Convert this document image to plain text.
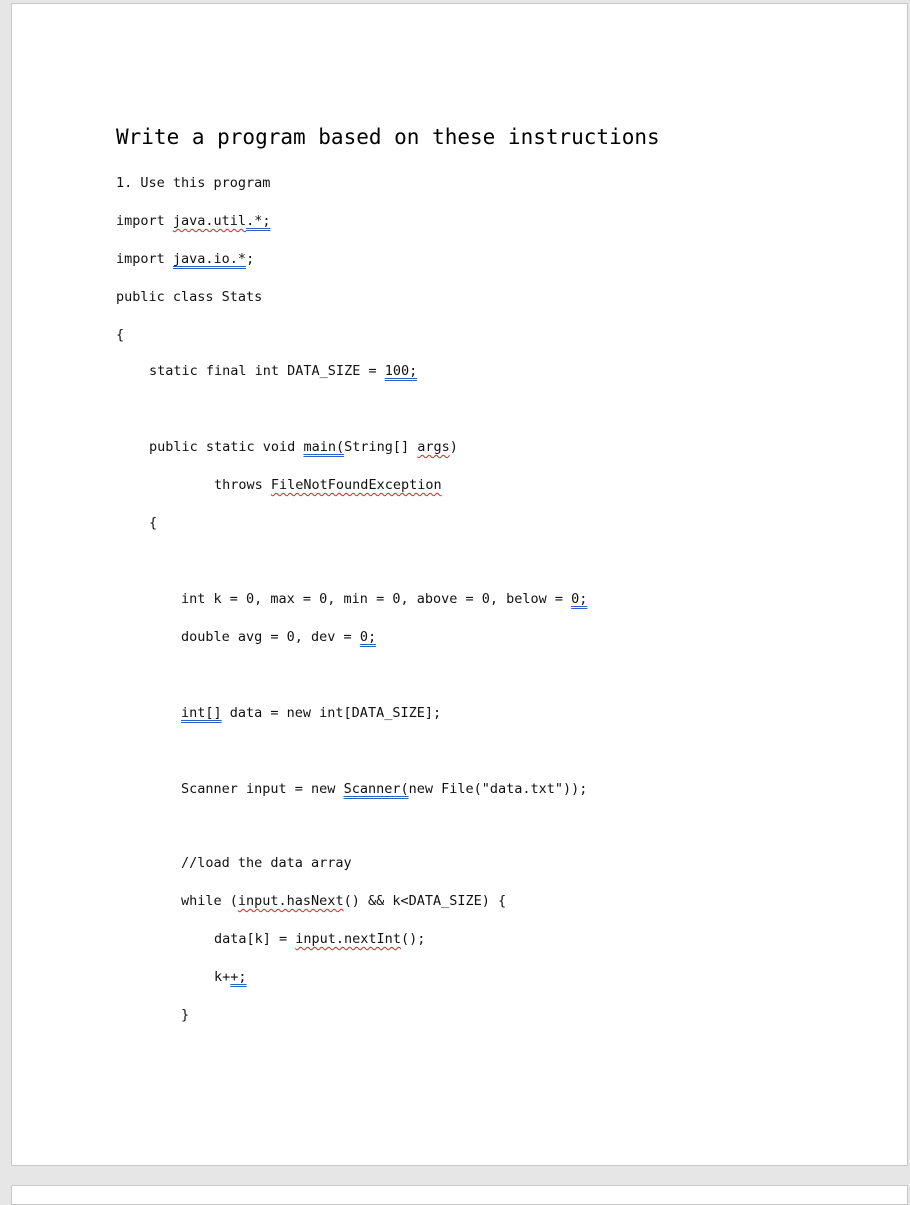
Write a program based on these instructions
1. Use this program
import java.util.*;
import java.io.*;
public class Stats
{
static final int DATA_SIZE = 100;
public static void main(String[] args)
throws FileNotFoundException
{
int k = 0, max = 0, min = 0, above = 0, below = 0;
double avg = 0, dev = 0;
int[] data = new int[DATA_SIZE];
Scanner input = new Scanner(new File("data.txt"));
//load the data array
while (input.hasNext() && k<DATA_SIZE) {
data[k] = input.nextInt();
k++;
}
